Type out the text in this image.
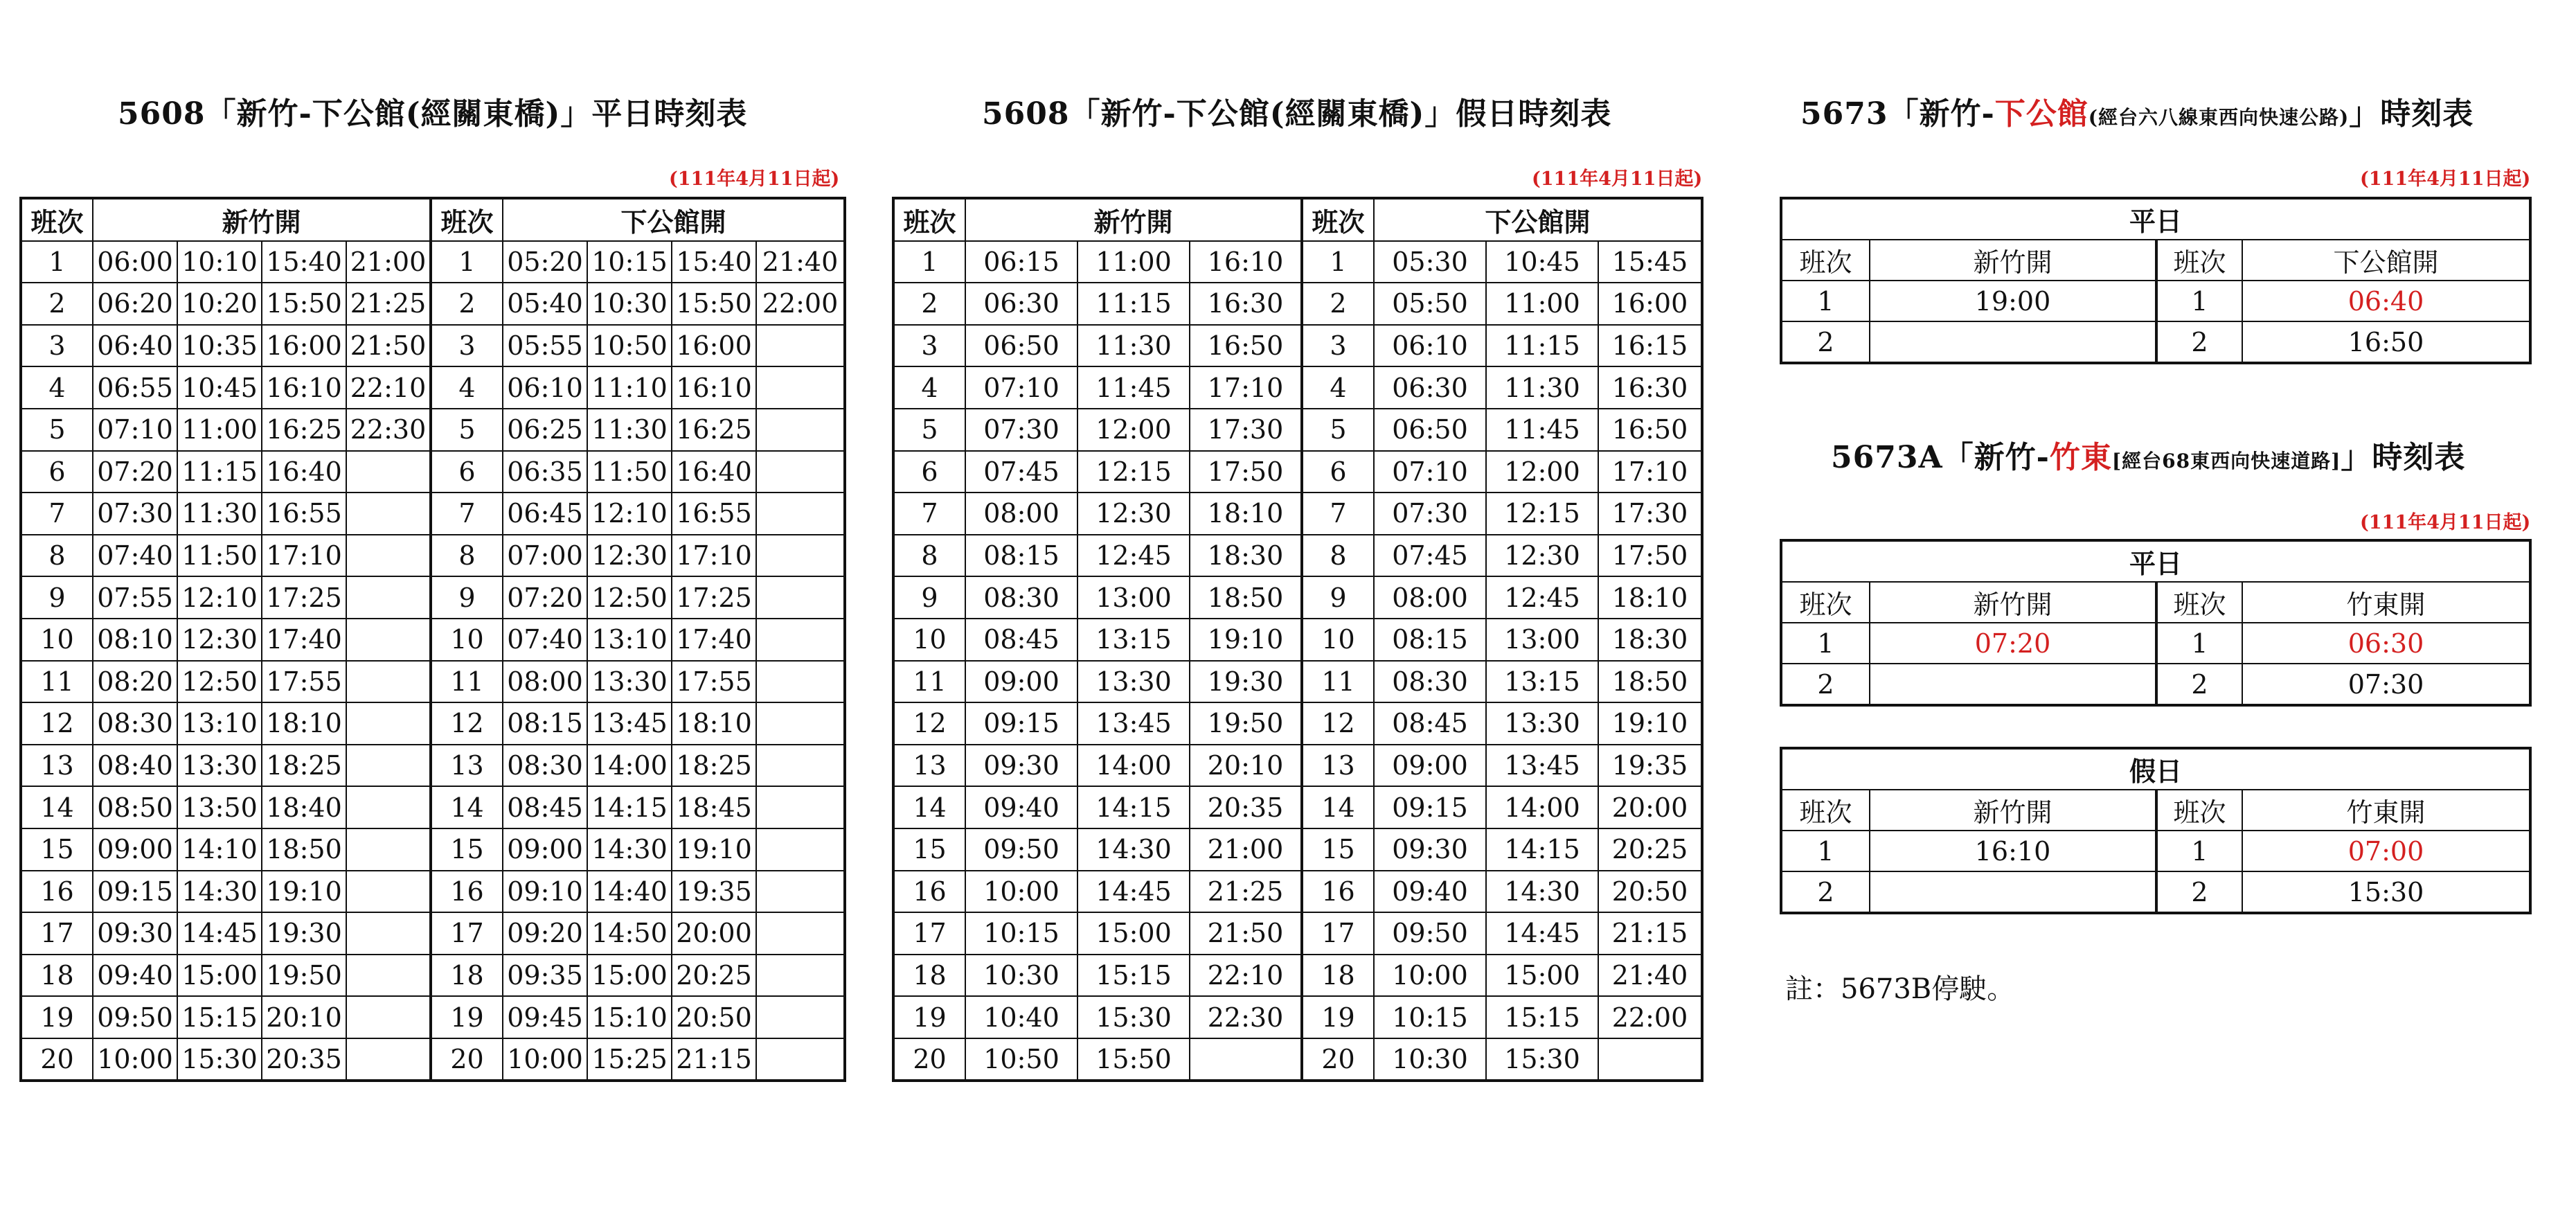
5608「新竹-下公館(經關東橋)」平日時刻表
(111年4月11日起)
班次	新竹開				班次	下公館開			
1	06:00	10:10	15:40	21:00	1	05:20	10:15	15:40	21:40
2	06:20	10:20	15:50	21:25	2	05:40	10:30	15:50	22:00
3	06:40	10:35	16:00	21:50	3	05:55	10:50	16:00	
4	06:55	10:45	16:10	22:10	4	06:10	11:10	16:10	
5	07:10	11:00	16:25	22:30	5	06:25	11:30	16:25	
6	07:20	11:15	16:40		6	06:35	11:50	16:40	
7	07:30	11:30	16:55		7	06:45	12:10	16:55	
8	07:40	11:50	17:10		8	07:00	12:30	17:10	
9	07:55	12:10	17:25		9	07:20	12:50	17:25	
10	08:10	12:30	17:40		10	07:40	13:10	17:40	
11	08:20	12:50	17:55		11	08:00	13:30	17:55	
12	08:30	13:10	18:10		12	08:15	13:45	18:10	
13	08:40	13:30	18:25		13	08:30	14:00	18:25	
14	08:50	13:50	18:40		14	08:45	14:15	18:45	
15	09:00	14:10	18:50		15	09:00	14:30	19:10	
16	09:15	14:30	19:10		16	09:10	14:40	19:35	
17	09:30	14:45	19:30		17	09:20	14:50	20:00	
18	09:40	15:00	19:50		18	09:35	15:00	20:25	
19	09:50	15:15	20:10		19	09:45	15:10	20:50	
20	10:00	15:30	20:35		20	10:00	15:25	21:15	
5608「新竹-下公館(經關東橋)」假日時刻表
(111年4月11日起)
班次	新竹開			班次	下公館開		
1	06:15	11:00	16:10	1	05:30	10:45	15:45
2	06:30	11:15	16:30	2	05:50	11:00	16:00
3	06:50	11:30	16:50	3	06:10	11:15	16:15
4	07:10	11:45	17:10	4	06:30	11:30	16:30
5	07:30	12:00	17:30	5	06:50	11:45	16:50
6	07:45	12:15	17:50	6	07:10	12:00	17:10
7	08:00	12:30	18:10	7	07:30	12:15	17:30
8	08:15	12:45	18:30	8	07:45	12:30	17:50
9	08:30	13:00	18:50	9	08:00	12:45	18:10
10	08:45	13:15	19:10	10	08:15	13:00	18:30
11	09:00	13:30	19:30	11	08:30	13:15	18:50
12	09:15	13:45	19:50	12	08:45	13:30	19:10
13	09:30	14:00	20:10	13	09:00	13:45	19:35
14	09:40	14:15	20:35	14	09:15	14:00	20:00
15	09:50	14:30	21:00	15	09:30	14:15	20:25
16	10:00	14:45	21:25	16	09:40	14:30	20:50
17	10:15	15:00	21:50	17	09:50	14:45	21:15
18	10:30	15:15	22:10	18	10:00	15:00	21:40
19	10:40	15:30	22:30	19	10:15	15:15	22:00
20	10:50	15:50		20	10:30	15:30	
5673「新竹-下公館(經台六八線東西向快速公路)」時刻表
(111年4月11日起)
平日			
班次	新竹開	班次	下公館開
1	19:00	1	06:40
2		2	16:50
5673A「新竹-竹東[經台68東西向快速道路]」時刻表
(111年4月11日起)
平日			
班次	新竹開	班次	竹東開
1	07:20	1	06:30
2		2	07:30
假日			
班次	新竹開	班次	竹東開
1	16:10	1	07:00
2		2	15:30
註：5673B停駛。
